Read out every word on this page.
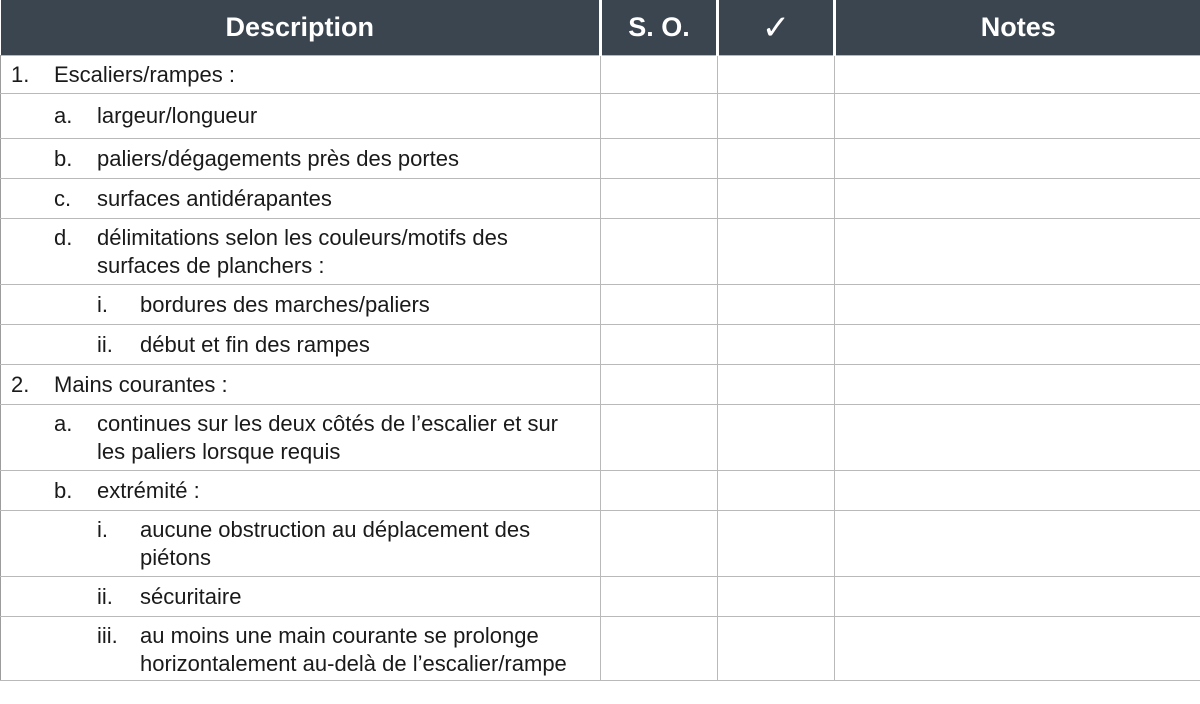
Description	S. O.	✓	Notes

1. Escaliers/rampes :			

a. largeur/longueur			

b. paliers/dégagements près des portes			

c. surfaces antidérapantes			

d. délimitations selon les couleurs/motifs des surfaces de planchers :			

i. bordures des marches/paliers			

ii. début et fin des rampes			

2. Mains courantes :			

a. continues sur les deux côtés de l’escalier et sur les paliers lorsque requis			

b. extrémité :			

i. aucune obstruction au déplacement des piétons			

ii. sécuritaire			

iii. au moins une main courante se prolonge horizontalement au-delà de l’escalier/rampe			
